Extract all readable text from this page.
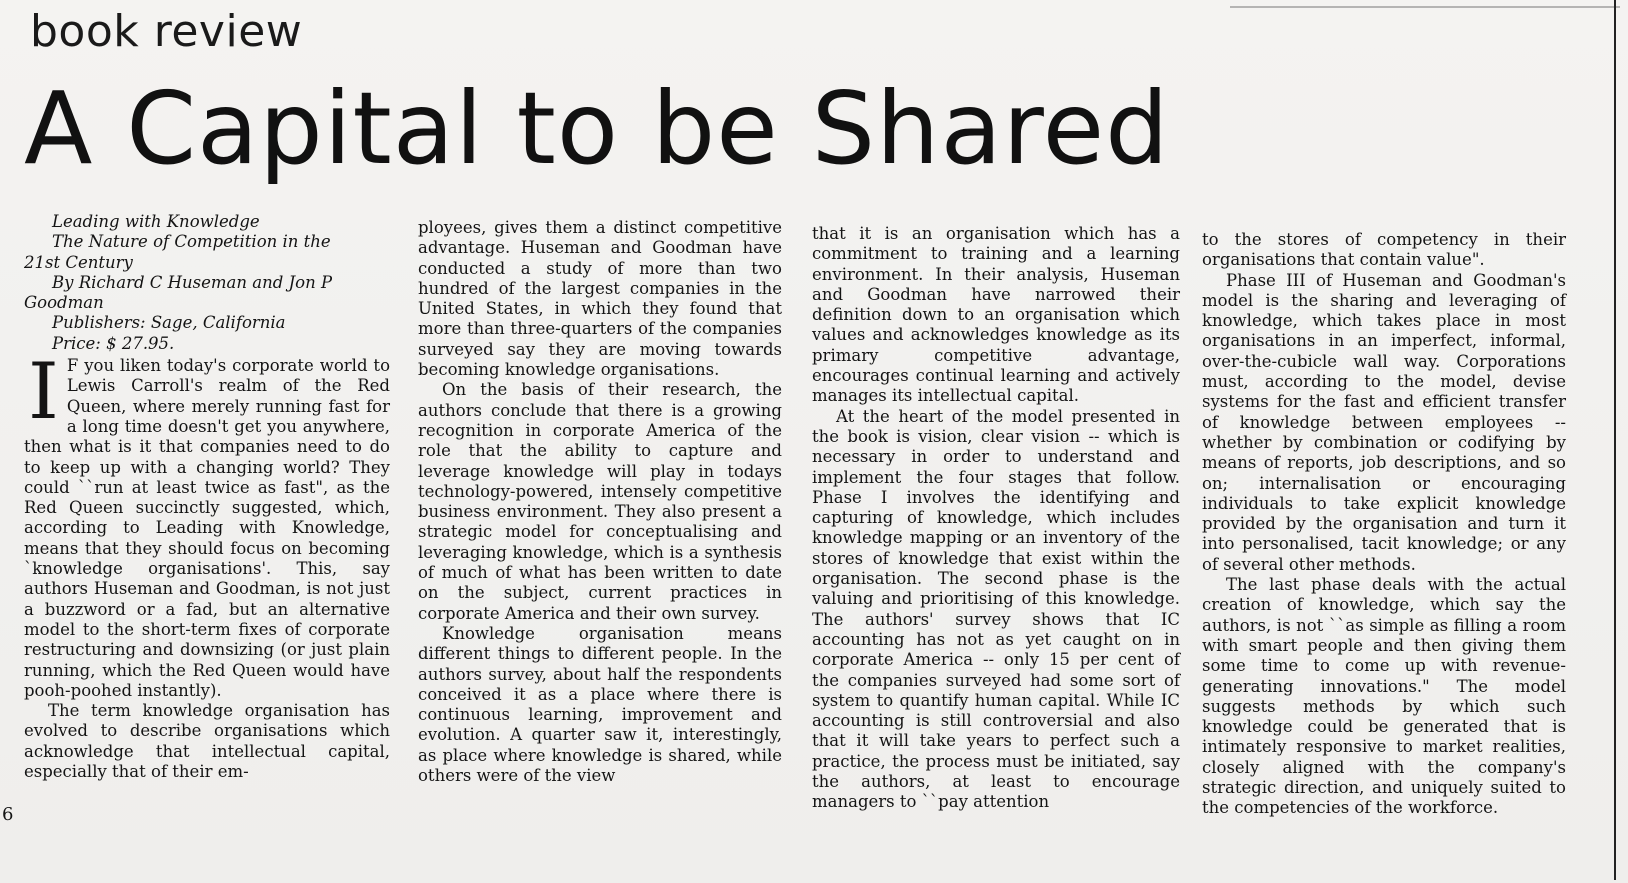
book review
A Capital to be Shared
Leading with Knowledge
The Nature of Competition in the
21st Century
By Richard C Huseman and Jon P
Goodman
Publishers: Sage, California
Price: $ 27.95.

I F you liken today's corporate world to Lewis Carroll's realm of the Red Queen, where merely running fast for a long time doesn't get you anywhere, then what is it that companies need to do to keep up with a changing world? They could ``run at least twice as fast", as the Red Queen succinctly suggested, which, according to Leading with Knowledge, means that they should focus on becoming `knowledge organisations'. This, say authors Huseman and Goodman, is not just a buzzword or a fad, but an alternative model to the short-term fixes of corporate restructuring and downsizing (or just plain running, which the Red Queen would have pooh-poohed instantly).

The term knowledge organisation has evolved to describe organisations which acknowledge that intellectual capital, especially that of their em-

ployees, gives them a distinct competitive advantage. Huseman and Goodman have conducted a study of more than two hundred of the largest companies in the United States, in which they found that more than three-quarters of the companies surveyed say they are moving towards becoming knowledge organisations.

On the basis of their research, the authors conclude that there is a growing recognition in corporate America of the role that the ability to capture and leverage knowledge will play in todays technology-powered, intensely competitive business environment. They also present a strategic model for conceptualising and leveraging knowledge, which is a synthesis of much of what has been written to date on the subject, current practices in corporate America and their own survey.

Knowledge organisation means different things to different people. In the authors survey, about half the respondents conceived it as a place where there is continuous learning, improvement and evolution. A quarter saw it, interestingly, as place where knowledge is shared, while others were of the view

that it is an organisation which has a commitment to training and a learning environment. In their analysis, Huseman and Goodman have narrowed their definition down to an organisation which values and acknowledges knowledge as its primary competitive advantage, encourages continual learning and actively manages its intellectual capital.

At the heart of the model presented in the book is vision, clear vision -- which is necessary in order to understand and implement the four stages that follow. Phase I involves the identifying and capturing of knowledge, which includes knowledge mapping or an inventory of the stores of knowledge that exist within the organisation. The second phase is the valuing and prioritising of this knowledge. The authors' survey shows that IC accounting has not as yet caught on in corporate America -- only 15 per cent of the companies surveyed had some sort of system to quantify human capital. While IC accounting is still controversial and also that it will take years to perfect such a practice, the process must be initiated, say the authors, at least to encourage managers to ``pay attention

to the stores of competency in their organisations that contain value".

Phase III of Huseman and Goodman's model is the sharing and leveraging of knowledge, which takes place in most organisations in an imperfect, informal, over-the-cubicle wall way. Corporations must, according to the model, devise systems for the fast and efficient transfer of knowledge between employees -- whether by combination or codifying by means of reports, job descriptions, and so on; internalisation or encouraging individuals to take explicit knowledge provided by the organisation and turn it into personalised, tacit knowledge; or any of several other methods.

The last phase deals with the actual creation of knowledge, which say the authors, is not ``as simple as filling a room with smart people and then giving them some time to come up with revenue-generating innovations." The model suggests methods by which such knowledge could be generated that is intimately responsive to market realities, closely aligned with the company's strategic direction, and uniquely suited to the competencies of the workforce.

6
